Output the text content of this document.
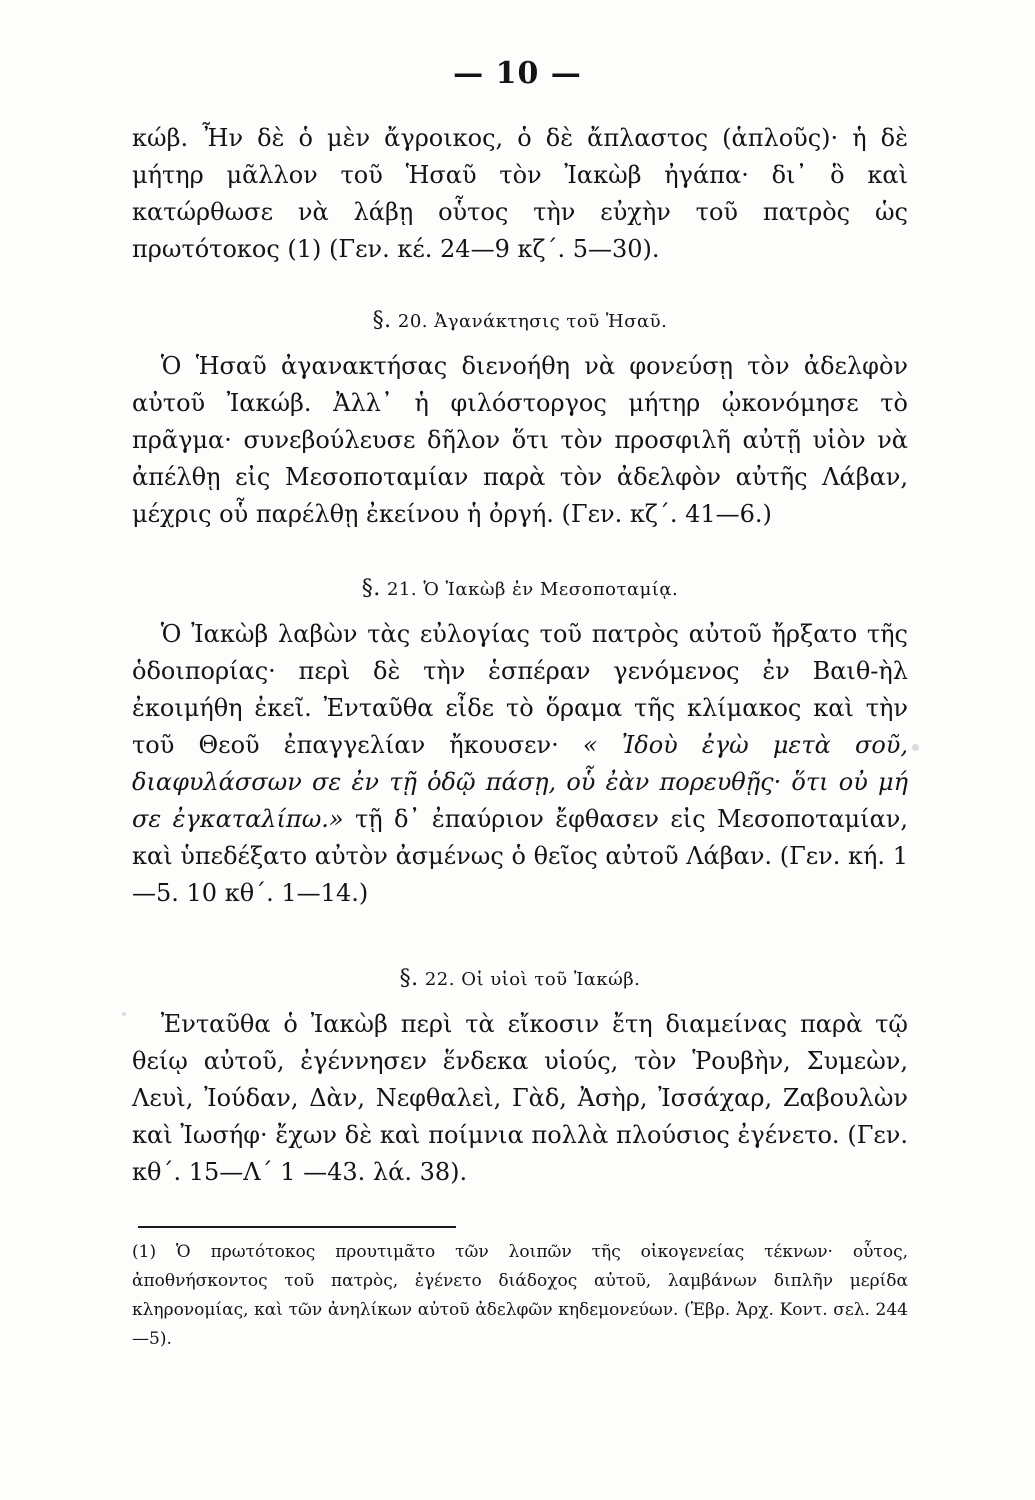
— 10 —

κώβ. Ἦν δὲ ὁ μὲν ἄγροικος, ὁ δὲ ἄπλαστος (ἁπλοῦς)· ἡ δὲ μήτηρ μᾶλλον τοῦ Ἡσαῦ τὸν Ἰακὼβ ἠγάπα· δι᾽ ὃ καὶ κατώρθωσε νὰ λάβῃ οὗτος τὴν εὐχὴν τοῦ πατρὸς ὡς πρωτότοκος (1) (Γεν. κέ. 24—9 κζ΄. 5—30).

§. 20. Ἀγανάκτησις τοῦ Ἡσαῦ.

Ὁ Ἡσαῦ ἀγανακτήσας διενοήθη νὰ φονεύσῃ τὸν ἀδελφὸν αὐτοῦ Ἰακώβ. Ἀλλ᾽ ἡ φιλόστοργος μήτηρ ᾠκονόμησε τὸ πρᾶγμα· συνεβούλευσε δῆλον ὅτι τὸν προσφιλῆ αὐτῇ υἱὸν νὰ ἀπέλθῃ εἰς Μεσοποταμίαν παρὰ τὸν ἀδελφὸν αὐτῆς Λάβαν, μέχρις οὗ παρέλθῃ ἐκείνου ἡ ὀργή. (Γεν. κζ΄. 41—6.)

§. 21. Ὁ Ἰακὼβ ἐν Μεσοποταμίᾳ.

Ὁ Ἰακὼβ λαβὼν τὰς εὐλογίας τοῦ πατρὸς αὐτοῦ ἤρξατο τῆς ὁδοιπορίας· περὶ δὲ τὴν ἑσπέραν γενόμενος ἐν Βαιθ-ὴλ ἐκοιμήθη ἐκεῖ. Ἐνταῦθα εἶδε τὸ ὅραμα τῆς κλίμακος καὶ τὴν τοῦ Θεοῦ ἐπαγγελίαν ἤκουσεν· « Ἰδοὺ ἐγὼ μετὰ σοῦ, διαφυλάσσων σε ἐν τῇ ὁδῷ πάσῃ, οὗ ἐὰν πορευθῇς· ὅτι οὐ μή σε ἐγκαταλίπω.» τῇ δ᾽ ἐπαύριον ἔφθασεν εἰς Μεσοποταμίαν, καὶ ὑπεδέξατο αὐτὸν ἀσμένως ὁ θεῖος αὐτοῦ Λάβαν. (Γεν. κή. 1—5. 10 κθ΄. 1—14.)

§. 22. Οἱ υἱοὶ τοῦ Ἰακώβ.

Ἐνταῦθα ὁ Ἰακὼβ περὶ τὰ εἴκοσιν ἔτη διαμείνας παρὰ τῷ θείῳ αὐτοῦ, ἐγέννησεν ἕνδεκα υἱούς, τὸν Ῥουβὴν, Συμεὼν, Λευὶ, Ἰούδαν, Δὰν, Νεφθαλεὶ, Γὰδ, Ἀσὴρ, Ἰσσάχαρ, Ζαβουλὼν καὶ Ἰωσήφ· ἔχων δὲ καὶ ποίμνια πολλὰ πλούσιος ἐγένετο. (Γεν. κθ΄. 15—Λ΄ 1 —43. λά. 38).

(1) Ὁ πρωτότοκος προυτιμᾶτο τῶν λοιπῶν τῆς οἰκογενείας τέκνων· οὗτος, ἀποθνήσκοντος τοῦ πατρὸς, ἐγένετο διάδοχος αὐτοῦ, λαμβάνων διπλῆν μερίδα κληρονομίας, καὶ τῶν ἀνηλίκων αὐτοῦ ἀδελφῶν κηδεμονεύων. (Ἑβρ. Ἀρχ. Κοντ. σελ. 244—5).
